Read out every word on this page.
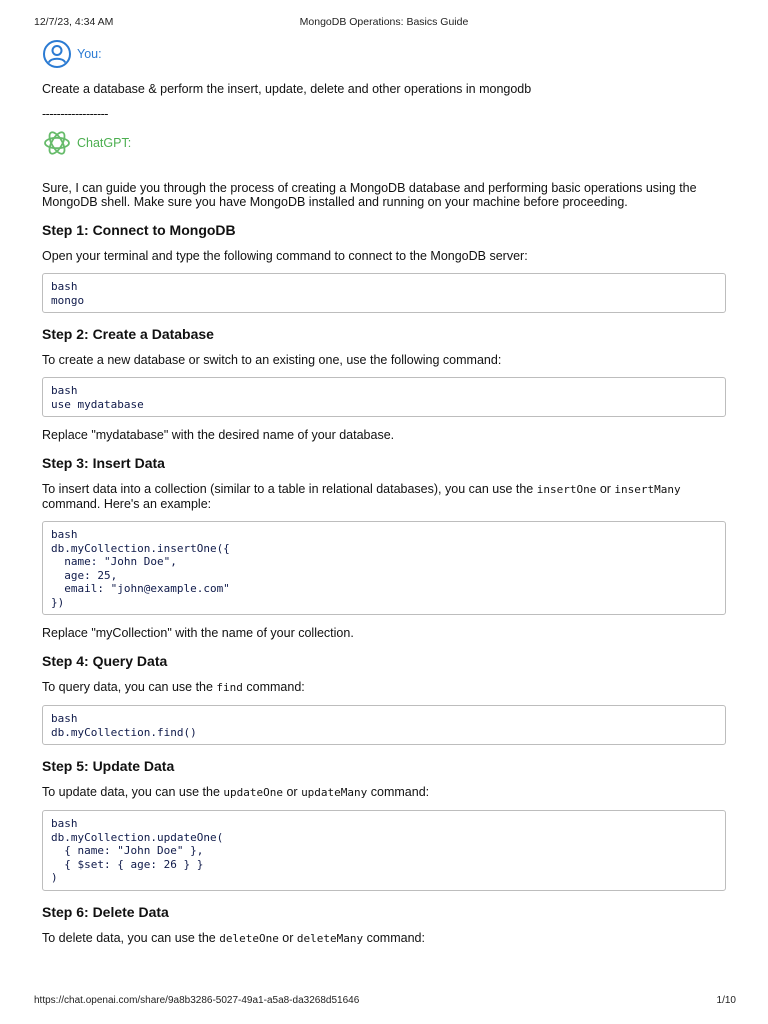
12/7/23, 4:34 AM	MongoDB Operations: Basics Guide
You:

Create a database & perform the insert, update, delete and other operations in mongodb

------------------
ChatGPT:

Sure, I can guide you through the process of creating a MongoDB database and performing basic operations using the MongoDB shell. Make sure you have MongoDB installed and running on your machine before proceeding.

Step 1: Connect to MongoDB

Open your terminal and type the following command to connect to the MongoDB server:

bash
mongo
Step 2: Create a Database

To create a new database or switch to an existing one, use the following command:

bash
use mydatabase

Replace "mydatabase" with the desired name of your database.

Step 3: Insert Data

To insert data into a collection (similar to a table in relational databases), you can use the insertOne or insertMany command. Here's an example:

bash
db.myCollection.insertOne({
name: "John Doe",
age: 25,
email: "john@example.com"
})

Replace "myCollection" with the name of your collection.

Step 4: Query Data

To query data, you can use the find command:

bash
db.myCollection.find()
Step 5: Update Data

To update data, you can use the updateOne or updateMany command:

bash
db.myCollection.updateOne(
{ name: "John Doe" },
{ $set: { age: 26 } }
)
Step 6: Delete Data

To delete data, you can use the deleteOne or deleteMany command:

https://chat.openai.com/share/9a8b3286-5027-49a1-a5a8-da3268d51646	1/10
